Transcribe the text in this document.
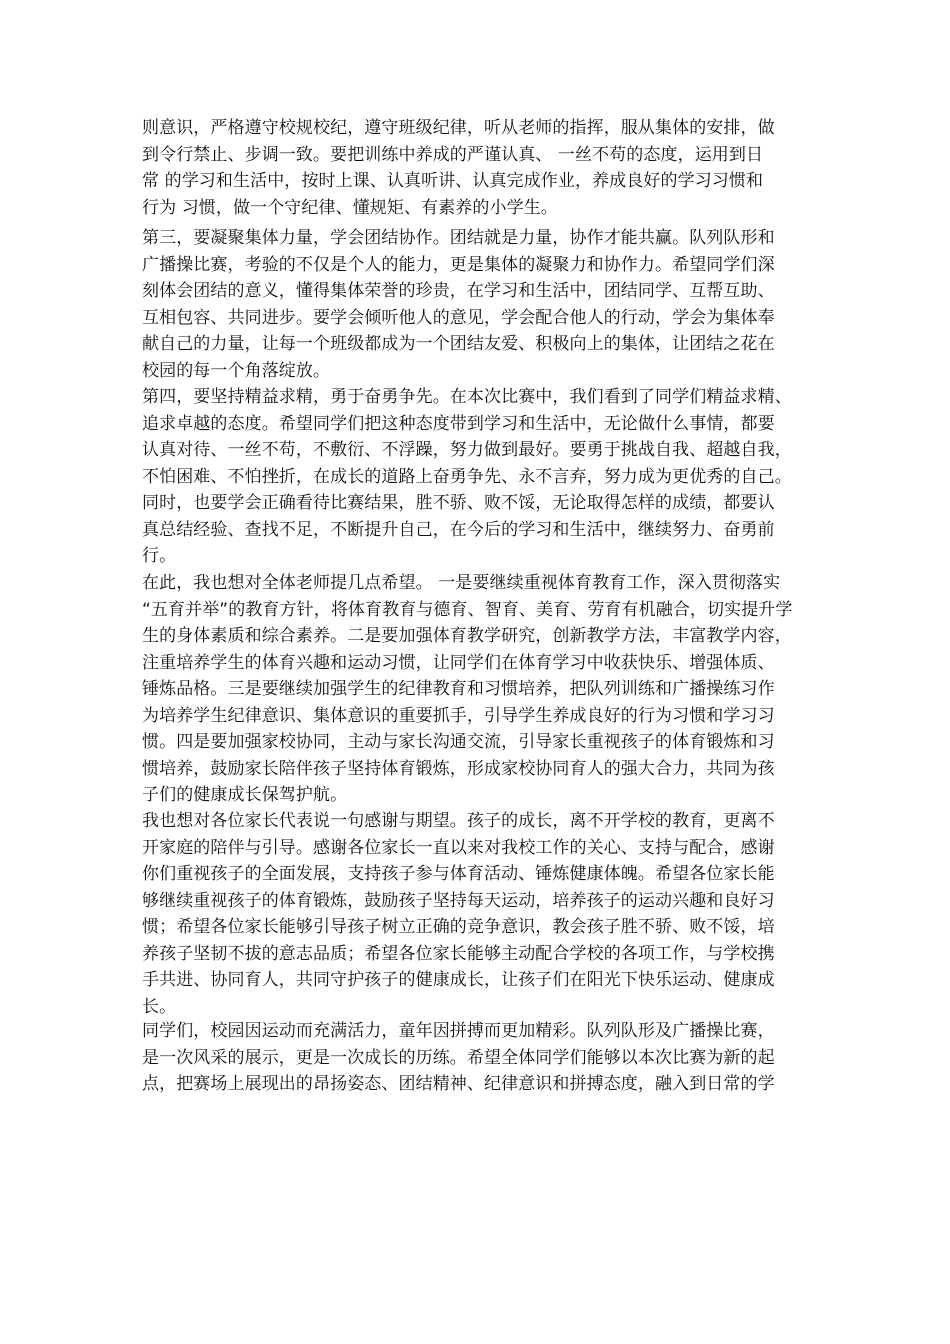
则意识，严格遵守校规校纪，遵守班级纪律，听从老师的指挥，服从集体的安排，做
到令行禁止、步调一致。要把训练中养成的严谨认真、 一丝不苟的态度，运用到日
常 的学习和生活中，按时上课、认真听讲、认真完成作业，养成良好的学习习惯和
行为 习惯，做一个守纪律、懂规矩、有素养的小学生。
第三，要凝聚集体力量，学会团结协作。团结就是力量，协作才能共赢。队列队形和
广播操比赛，考验的不仅是个人的能力，更是集体的凝聚力和协作力。希望同学们深
刻体会团结的意义，懂得集体荣誉的珍贵，在学习和生活中，团结同学、互帮互助、
互相包容、共同进步。要学会倾听他人的意见，学会配合他人的行动，学会为集体奉
献自己的力量，让每一个班级都成为一个团结友爱、积极向上的集体，让团结之花在
校园的每一个角落绽放。
第四，要坚持精益求精，勇于奋勇争先。在本次比赛中，我们看到了同学们精益求精、
追求卓越的态度。希望同学们把这种态度带到学习和生活中，无论做什么事情，都要
认真对待、一丝不苟，不敷衍、不浮躁，努力做到最好。要勇于挑战自我、超越自我，
不怕困难、不怕挫折，在成长的道路上奋勇争先、永不言弃，努力成为更优秀的自己。
同时，也要学会正确看待比赛结果，胜不骄、败不馁，无论取得怎样的成绩，都要认
真总结经验、查找不足，不断提升自己，在今后的学习和生活中，继续努力、奋勇前
行。
在此，我也想对全体老师提几点希望。 一是要继续重视体育教育工作，深入贯彻落实
“五育并举”的教育方针，将体育教育与德育、智育、美育、劳育有机融合，切实提升学
生的身体素质和综合素养。二是要加强体育教学研究，创新教学方法，丰富教学内容，
注重培养学生的体育兴趣和运动习惯，让同学们在体育学习中收获快乐、增强体质、
锤炼品格。三是要继续加强学生的纪律教育和习惯培养，把队列训练和广播操练习作
为培养学生纪律意识、集体意识的重要抓手，引导学生养成良好的行为习惯和学习习
惯。四是要加强家校协同，主动与家长沟通交流，引导家长重视孩子的体育锻炼和习
惯培养，鼓励家长陪伴孩子坚持体育锻炼，形成家校协同育人的强大合力，共同为孩
子们的健康成长保驾护航。
我也想对各位家长代表说一句感谢与期望。孩子的成长，离不开学校的教育，更离不
开家庭的陪伴与引导。感谢各位家长一直以来对我校工作的关心、支持与配合，感谢
你们重视孩子的全面发展，支持孩子参与体育活动、锤炼健康体魄。希望各位家长能
够继续重视孩子的体育锻炼，鼓励孩子坚持每天运动，培养孩子的运动兴趣和良好习
惯；希望各位家长能够引导孩子树立正确的竞争意识，教会孩子胜不骄、败不馁，培
养孩子坚韧不拔的意志品质；希望各位家长能够主动配合学校的各项工作，与学校携
手共进、协同育人，共同守护孩子的健康成长，让孩子们在阳光下快乐运动、健康成
长。
同学们，校园因运动而充满活力，童年因拼搏而更加精彩。队列队形及广播操比赛，
是一次风采的展示，更是一次成长的历练。希望全体同学们能够以本次比赛为新的起
点，把赛场上展现出的昂扬姿态、团结精神、纪律意识和拼搏态度，融入到日常的学
